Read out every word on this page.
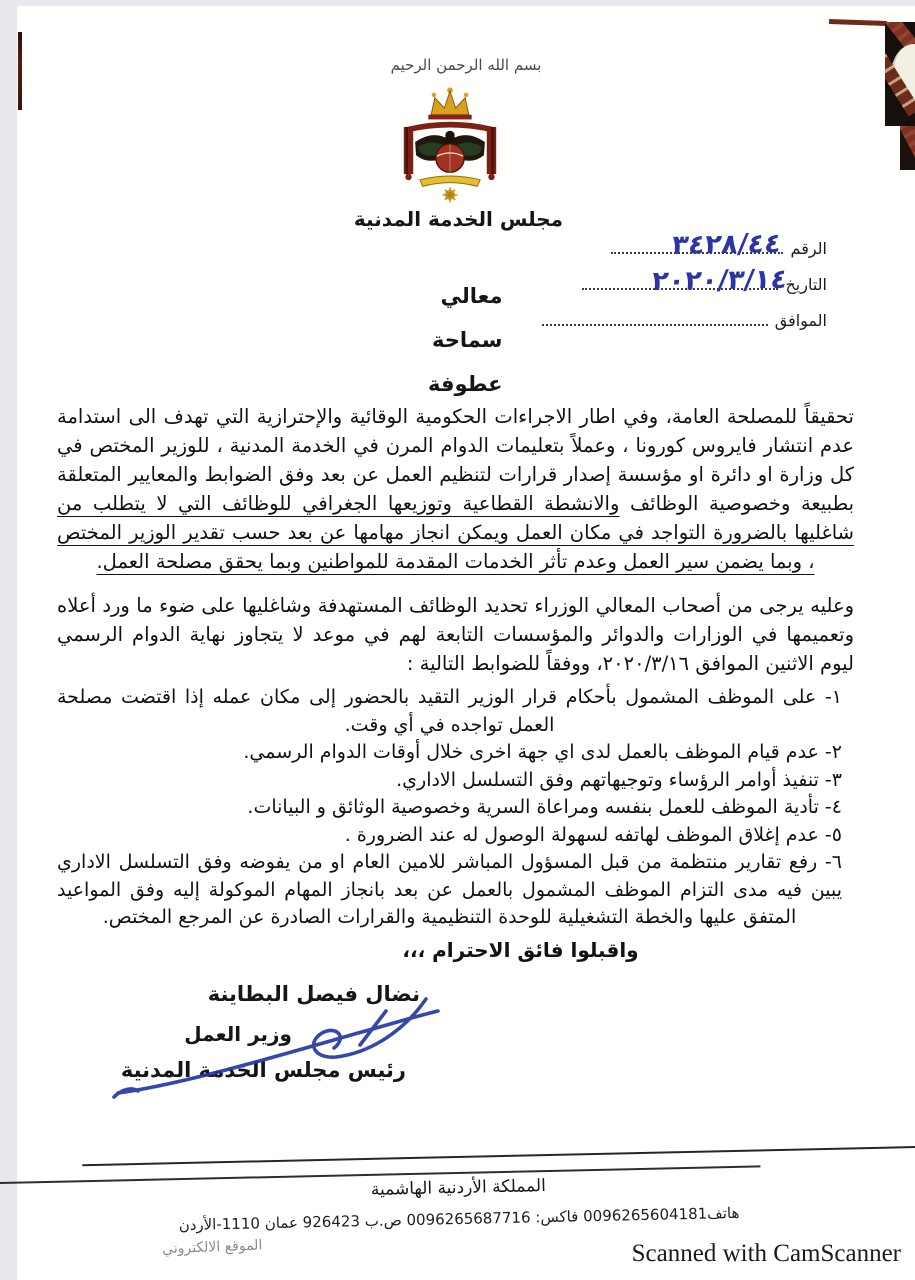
بسم الله الرحمن الرحيم
مجلس الخدمة المدنية
الرقم
٣٤٢٨/٤٤
التاريخ
٢٠٢٠/٣/١٤
الموافق
معالي
سماحة
عطوفة

تحقيقاً للمصلحة العامة، وفي اطار الاجراءات الحكومية الوقائية والإحترازية التي تهدف الى استدامة عدم انتشار فايروس كورونا ، وعملاً بتعليمات الدوام المرن في الخدمة المدنية ، للوزير المختص في كل وزارة او دائرة او مؤسسة إصدار قرارات لتنظيم العمل عن بعد وفق الضوابط والمعايير المتعلقة بطبيعة وخصوصية الوظائف والانشطة القطاعية وتوزيعها الجغرافي للوظائف التي لا يتطلب من شاغليها بالضرورة التواجد في مكان العمل ويمكن انجاز مهامها عن بعد حسب تقدير الوزير المختص ، وبما يضمن سير العمل وعدم تأثر الخدمات المقدمة للمواطنين وبما يحقق مصلحة العمل.

وعليه يرجى من أصحاب المعالي الوزراء تحديد الوظائف المستهدفة وشاغليها على ضوء ما ورد أعلاه وتعميمها في الوزارات والدوائر والمؤسسات التابعة لهم في موعد لا يتجاوز نهاية الدوام الرسمي ليوم الاثنين الموافق ٢٠٢٠/٣/١٦، ووفقاً للضوابط التالية :

١- على الموظف المشمول بأحكام قرار الوزير التقيد بالحضور إلى مكان عمله إذا اقتضت مصلحة العمل تواجده في أي وقت.
٢- عدم قيام الموظف بالعمل لدى اي جهة اخرى خلال أوقات الدوام الرسمي.
٣- تنفيذ أوامر الرؤساء وتوجيهاتهم وفق التسلسل الاداري.
٤- تأدية الموظف للعمل بنفسه ومراعاة السرية وخصوصية الوثائق و البيانات.
٥- عدم إغلاق الموظف لهاتفه لسهولة الوصول له عند الضرورة .
٦- رفع تقارير منتظمة من قبل المسؤول المباشر للامين العام او من يفوضه وفق التسلسل الاداري يبين فيه مدى التزام الموظف المشمول بالعمل عن بعد بانجاز المهام الموكولة إليه وفق المواعيد المتفق عليها والخطة التشغيلية للوحدة التنظيمية والقرارات الصادرة عن المرجع المختص.
واقبلوا فائق الاحترام ،،،
نضال فيصل البطاينة
وزير العمل
رئيس مجلس الخدمة المدنية
المملكة الأردنية الهاشمية
هاتف0096265604181 فاكس: 0096265687716 ص.ب 926423 عمان 1110-الأردن
الموقع الالكتروني	Scanned with CamScanner
